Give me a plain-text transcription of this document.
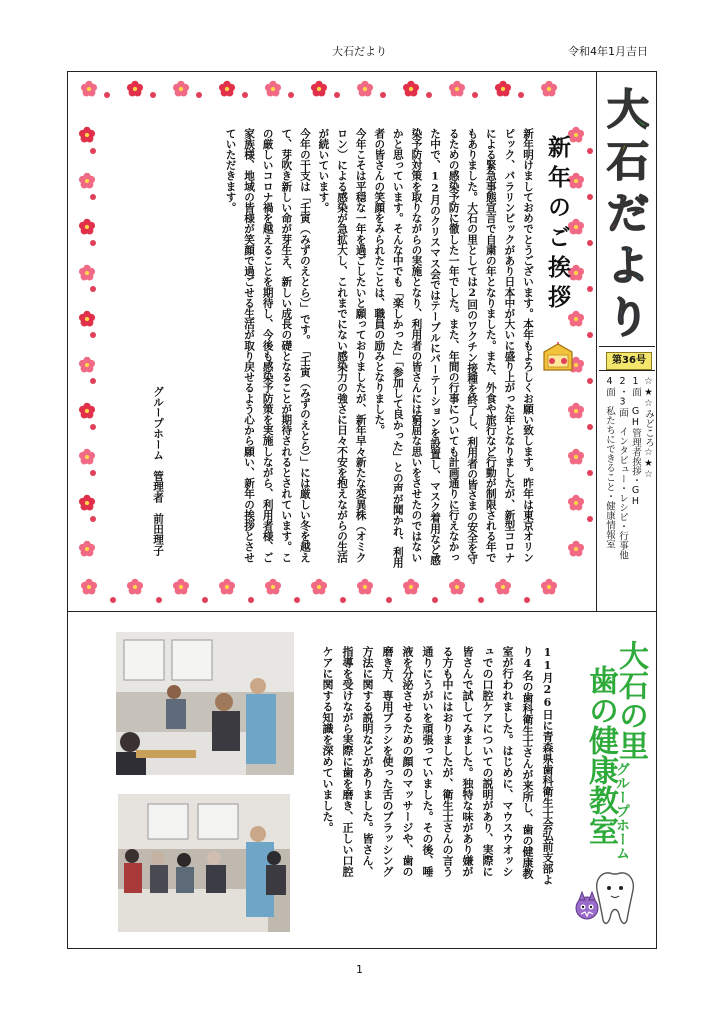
大石だより	令和4年1月吉日
新年のご挨拶

新年明けましておめでとうございます。本年もよろしくお願い致します。昨年は東京オリンピック、パラリンピックがあり日本中が大いに盛り上がった年となりましたが、新型コロナによる緊急事態宣言で自粛の年となりました。また、外食や旅行など行動が制限される年でもありました。大石の里としては2回のワクチン接種を終了し、利用者の皆さまの安全を守るための感染予防に徹した一年でした。また、年間の行事についても計画通りに行えなかった中で、12月のクリスマス会ではテーブルにパーテーションを設置し、マスク着用など感染予防対策を取りながらの実施となり、利用者の皆さんには窮屈な思いをさせたのではないかと思っています。そんな中でも「楽しかった」「参加して良かった」との声が聞かれ、利用者の皆さんの笑顔をみられたことは、職員の励みとなりました。

今年こそは平穏な一年を過ごしたいと願っておりましたが、新年早々新たな変異株（オミクロン）による感染が急拡大し、これまでにない感染力の強さに日々不安を抱えながらの生活が続いています。

今年の干支は「壬寅（みずのえとら）」です。「壬寅（みずのえとら）」には厳しい冬を越えて、芽吹き新しい命が芽生え、新しい成長の礎となることが期待されるとされています。この厳しいコロナ禍を越えることを期待し、今後も感染予防策を実施しながら、利用者様、ご家族様、地域の皆様が笑顔で過ごせる生活が取り戻せるよう心から願い、新年の挨拶とさせていただきます。

グループホーム　管理者　前田理子
大
石
だ
よ
り
第36号
☆★☆みどころ☆★☆
1面　GH管理者挨拶・GH
2・3面　インタビュー・レシピ・行事他
4面　私たちにできること・健康情報室
大石の里
歯の健康教室
グループホーム
11月26日に青森県歯科衛生士会弘前支部より4名の歯科衛生士さんが来所し、歯の健康教室が行われました。はじめに、マウスウオッシュでの口腔ケアについての説明があり、実際に皆さんで試してみました。独特な味があり嫌がる方も中にはおりましたが、衛生士さんの言う通りにうがいを頑張っていました。その後、唾液を分泌させるための顔のマッサージや、歯の磨き方、専用ブラシを使った舌のブラッシング方法に関する説明などがありました。皆さん、指導を受けながら実際に歯を磨き、正しい口腔ケアに関する知識を深めていました。
1
